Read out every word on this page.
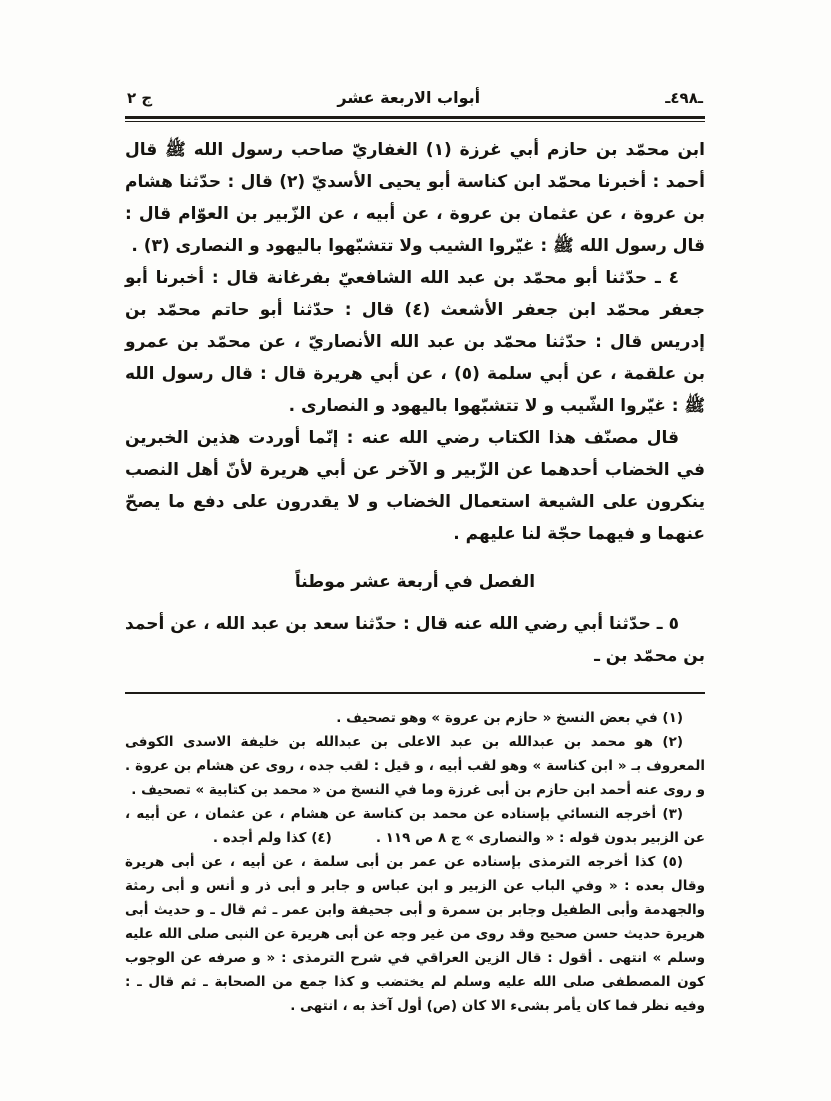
ـ٤٩٨ـ
أبواب الاربعة عشر
ج ٢

ابن محمّد بن حازم أبي غرزة (١) الغفاريّ صاحب رسول الله ﷺ قال أحمد : أخبرنا محمّد ابن كناسة أبو يحيى الأسديّ (٢) قال : حدّثنا هشام بن عروة ، عن عثمان بن عروة ، عن أبيه ، عن الزّبير بن العوّام قال : قال رسول الله ﷺ : غيّروا الشيب ولا تتشبّهوا باليهود و النصارى (٣) .

٤ ـ حدّثنا أبو محمّد بن عبد الله الشافعيّ بفرغانة قال : أخبرنا أبو جعفر محمّد ابن جعفر الأشعث (٤) قال : حدّثنا أبو حاتم محمّد بن إدريس قال : حدّثنا محمّد بن عبد الله الأنصاريّ ، عن محمّد بن عمرو بن علقمة ، عن أبي سلمة (٥) ، عن أبي هريرة قال : قال رسول الله ﷺ : غيّروا الشّيب و لا تتشبّهوا باليهود و النصارى .

قال مصنّف هذا الكتاب رضي الله عنه : إنّما أوردت هذين الخبرين في الخضاب أحدهما عن الزّبير و الآخر عن أبي هريرة لأنّ أهل النصب ينكرون على الشيعة استعمال الخضاب و لا يقدرون على دفع ما يصحّ عنهما و فيهما حجّة لنا عليهم .

الفصل في أربعة عشر موطناً

٥ ـ حدّثنا أبي رضي الله عنه قال : حدّثنا سعد بن عبد الله ، عن أحمد بن محمّد بن ـ

(١) في بعض النسخ « حازم بن عروة » وهو تصحيف .

(٢) هو محمد بن عبدالله بن عبد الاعلى بن عبدالله بن خليفة الاسدى الكوفى المعروف بـ « ابن كناسة » وهو لقب أبيه ، و قيل : لقب جده ، روى عن هشام بن عروة . و روى عنه أحمد ابن حازم بن أبى غرزة وما في النسخ من « محمد بن كتابية » تصحيف .

(٣) أخرجه النسائي بإسناده عن محمد بن كناسة عن هشام ، عن عثمان ، عن أبيه ، عن الزبير بدون قوله : « والنصارى » ج ٨ ص ١١٩ .(٤) كذا ولم أجده .

(٥) كذا أخرجه الترمذى بإسناده عن عمر بن أبى سلمة ، عن أبيه ، عن أبى هريرة وقال بعده : « وفي الباب عن الزبير و ابن عباس و جابر و أبى ذر و أنس و أبى رمثة والجهدمة وأبى الطفيل وجابر بن سمرة و أبى جحيفة وابن عمر ـ ثم قال ـ و حديث أبى هريرة حديث حسن صحيح وقد روى من غير وجه عن أبى هريرة عن النبى صلى الله عليه وسلم » انتهى . أقول : قال الزين العراقي في شرح الترمذى : « و صرفه عن الوجوب كون المصطفى صلى الله عليه وسلم لم يختضب و كذا جمع من الصحابة ـ ثم قال ـ : وفيه نظر فما كان يأمر بشىء الا كان (ص) أول آخذ به ، انتهى .
